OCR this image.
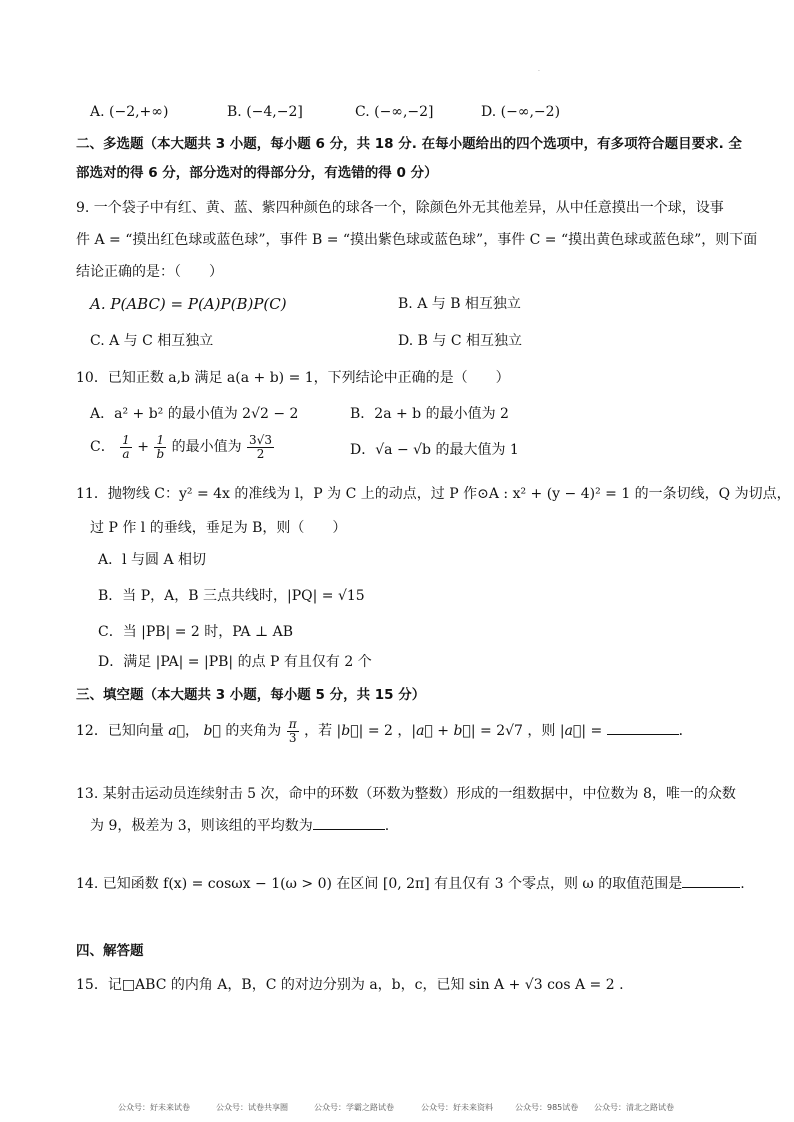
.
A. (−2,+∞)	B. (−4,−2]	C. (−∞,−2]	D. (−∞,−2)
二、多选题（本大题共 3 小题，每小题 6 分，共 18 分. 在每小题给出的四个选项中，有多项符合题目要求. 全
部选对的得 6 分，部分选对的得部分分，有选错的得 0 分）
9. 一个袋子中有红、黄、蓝、紫四种颜色的球各一个，除颜色外无其他差异，从中任意摸出一个球，设事
件 A = “摸出红色球或蓝色球”，事件 B = “摸出紫色球或蓝色球”，事件 C = “摸出黄色球或蓝色球”，则下面
结论正确的是：（　　）
A. P(ABC) = P(A)P(B)P(C)	B. A 与 B 相互独立
C. A 与 C 相互独立	D. B 与 C 相互独立
10．已知正数 a,b 满足 a(a + b) = 1，下列结论中正确的是（　　）
A．a² + b² 的最小值为 2√2 − 2	B．2a + b 的最小值为 2
C． $\frac{1}{a} + \frac{1}{b}$ 的最小值为 $\frac{3√3}{2}$	D．√a − √b 的最大值为 1
11．抛物线 C：y² = 4x 的准线为 l，P 为 C 上的动点，过 P 作⊙A : x² + (y − 4)² = 1 的一条切线，Q 为切点，
过 P 作 l 的垂线，垂足为 B，则（　　）
A．l 与圆 A 相切
B．当 P，A，B 三点共线时，|PQ| = √15
C．当 |PB| = 2 时，PA ⊥ AB
D．满足 |PA| = |PB| 的点 P 有且仅有 2 个
三、填空题（本大题共 3 小题，每小题 5 分，共 15 分）
12．已知向量 a⃗， b⃗ 的夹角为 $\frac{\pi}{3}$ ，若 |b⃗| = 2 ，|a⃗ + b⃗| = 2√7 ，则 |a⃗| =	．
13. 某射击运动员连续射击 5 次，命中的环数（环数为整数）形成的一组数据中，中位数为 8，唯一的众数
为 9，极差为 3，则该组的平均数为	.
14. 已知函数 f(x) = cosωx − 1(ω > 0) 在区间 [0, 2π] 有且仅有 3 个零点，则 ω 的取值范围是	.
四、解答题
15．记□ABC 的内角 A，B，C 的对边分别为 a，b，c，已知 sin A + √3 cos A = 2 .
公众号：好未来试卷	公众号：试卷共享圈	公众号：学霸之路试卷	公众号：好未来资料	公众号：985试卷 公众号：清北之路试卷
